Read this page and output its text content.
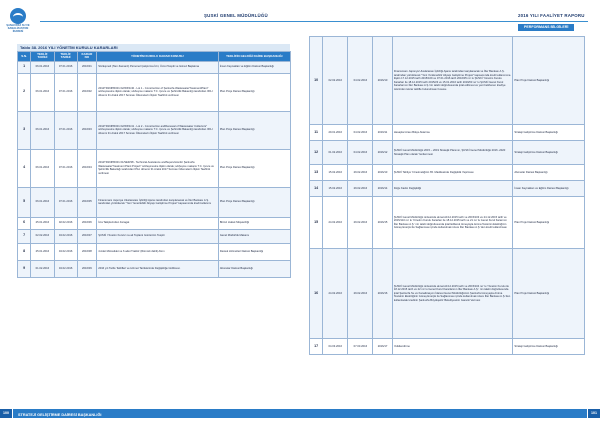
ŞANLIURFA SU VE KANALİZASYON İDARESİ
ŞUSKİ GENEL MÜDÜRLÜĞÜ
Tablo 38. 2016 YILI YÖNETİM KURULU KARARLARI
S.N.	TEKLİF TARİHİ	TEKLİF TARİHİ	KARAR NO	YÖNETİM KURULU KARAR KONUSU	TEKLİFİN GELDİĞİ DAİRE BAŞKANLIĞI
1	06.01.2016	07.01.2016	2016/01	Sözleşmeli (Tam Zamanlı) Personel Çalıştırma İzni, Ücret Tespiti ve Görevi Başlatma	İnsan Kaynakları ve Eğitim Dairesi Başkanlığı
2	06.01.2016	07.01.2016	2016/02	2012TR16IPR001 02/WKS/40 - Lot 1 - Construction of Şanlıurfa WastewaterTreatmentPlant" sözleşmesine ilişkin olarak; sözleşme makamı T.C. Çevre ve Şehircilik Bakanlığı tarafından IPA-I dönemi 31 Aralık 2017 Sonrası Ödemelerin İlişkin Taahhüt verilmesi	Plan Proje Dairesi Başkanlığı
3	06.01.2016	07.01.2016	2016/03	2012TR16IPR001 02/WKS/41 - Lot 2 - Construction andRenewal of Wastewater Collectors" sözleşmesine ilişkin olarak; sözleşme makamı T.C. Çevre ve Şehircilik Bakanlığı tarafından IPA-I dönemi 31 Aralık 2017 Sonrası Ödemelerin İlişkin Taahhüt verilmesi	Plan Proje Dairesi Başkanlığı
4	06.01.2016	07.01.2016	2016/04	2012TR16IPR001 01/SER/38 - Technical Assistance andSupervisionfor Şanlıurfa WastewaterTreatment Plant Project" sözleşmesine ilişkin olarak; sözleşme makamı T.C. Çevre ve Şehircilik Bakanlığı tarafından IPA-I dönemi 31 Aralık 2017 Sonrası Ödemelerin İlişkin Taahhüt verilmesi	Plan Proje Dairesi Başkanlığı
5	06.01.2016	07.01.2016	2016/05	Finansmanı Japonya Uluslararası İşbirliği Ajansı tarafından karşılanacak ve İller Bankası A.Ş. tarafından yürütülecek "Yeni Yenerilebilir Altyapı Geliştirme Projesi" kapsamında kredi kullanımı	Plan Proje Dairesi Başkanlığı
6	25.01.2016	02.02.2016	2016/06	İcra Takiplerinden Feragat	Birinci Hukuk Müşavirliği
7	02.02.2016	04.02.2016	2016/07	ŞUSKİ Yönetim Kurulu' na ait Toplantı Günlerinin Tespiti	Genel Müdürlük Makamı
8	25.01.2016	04.02.2016	2016/08	4 Adet Motosiklet ve 6 adet Traktör (Römork dahil) Alımı	Destek Hizmetleri Dairesi Başkanlığı
9	01.02.2016	04.02.2016	2016/09	2016 yılı Tarife Teklifleri ve Hizmet Tarifelerinde Değişikliğe Gidilmesi.	Abonelar Dairesi Başkanlığı
100	STRATEJİ GELİŞTİRME DAİRESİ BAŞKANLIĞI
2016 YILI FAALİYET RAPORU
PERFORMANS BİLGİLERİ
10	02.02.2016	04.02.2016	2016/10	Finansmanı Japonya Uluslararası İşbirliği Ajansı tarafından karşılanacak ve İller Bankası A.Ş. tarafından yürütülecek "Yeni Yenilenebilir Altyapı Geliştirme Projesi" kapsamında kredi kullanımına ilişkin 17.12.2015 tarih 2015/109 ve 07.01.2016 tarih 2016/05 no' lu ŞUSKİ Yönetim Kurulu Kararları ile 18.12.2015 tarih 2015/23 ve 15.01.2016 tarih 2016/03 no' lu ŞUSKİ Genel Kurul Kararlarının İller Bankası A.Ş.'nin talebi doğrultusunda iptal edilmesi ve yeni belirlenen krediye üzerinden tekrar teklifle bulunulması hususu.	Plan Proje Dairesi Başkanlığı
11	29.01.2016	04.02.2016	2016/11	Hesaplar Arası Bütçe Aktarma	Strateji Geliştirme Dairesi Başkanlığı
12	01.02.2016	04.02.2016	2016/12	ŞUSKİ Genel Müdürlüğü 2015 – 2019 Stratejik Planının, ŞUSKİ Genel Müdürlüğü 2016 -2020 Stratejik Plan olarak Yenilenmesi	Strateji Geliştirme Dairesi Başkanlığı
13	15.02.2016	29.02.2016	2016/13	ŞUSKİ Tahliye Yönetmeliğinin 65. Maddesinde Değişiklik Yapılması	Abonelar Dairesi Başkanlığı
14	15.02.2016	29.02.2016	2016/14	Doğu Kadro Değişikliği	İnsan Kaynakları ve Eğitim Dairesi Başkanlığı
15	24.02.2016	29.02.2016	2016/15	ŞUSKİ Genel Müdürlüğü ünitesinde alınan10.12.2015 tarih ve 2015/103 ve 24.12.2015 tarih ve 2015/110 no' lu Yönetim Kurulu Kararları ile 18.12.2015 tarih ve 21 no' lu Genel Kurul Kararının İller Bankası A.Ş.' nin talebi doğrultusunda iptal Edilerek tümeyayla Anima Tesisinin Elektriğinin Güneş Enerjisi ile Sağlanması içinde kullanılmak üzere İller Bankası A.Ş.'den kredi kullanılması	Plan Proje Dairesi Başkanlığı
16	24.02.2016	29.02.2016	2016/16	ŞUSKİ Genel Müdürlüğü ünitesinde alınan10.12.2015 tarih ve 2015/104 no' lu Yönetim Kurulu ile 18.12.2015 tarih ve 22 no' lu Genel Kurul Kararlarının İller Bankası A.Ş.' nin talebi doğrultusunda iptal Şanlıurfa Su ve Kanalizasyon İdaresi Genel Müdürlüğünün Şanlıurfa tümeyayla Arıtma Tesisinin Elektriğinin Güneş Enerjisi ile Sağlanması içinde kullanılmak üzere İller Bankası A.Ş.'den kullanılacak kredinin Şanlıurfa Büyükşehir Belediyesinin Garanti Vermesi	Plan Proje Dairesi Başkanlığı
17	04.03.2016	07.03.2016	2016/17	Yetkilendirme	Strateji Geliştirme Dairesi Başkanlığı
101
